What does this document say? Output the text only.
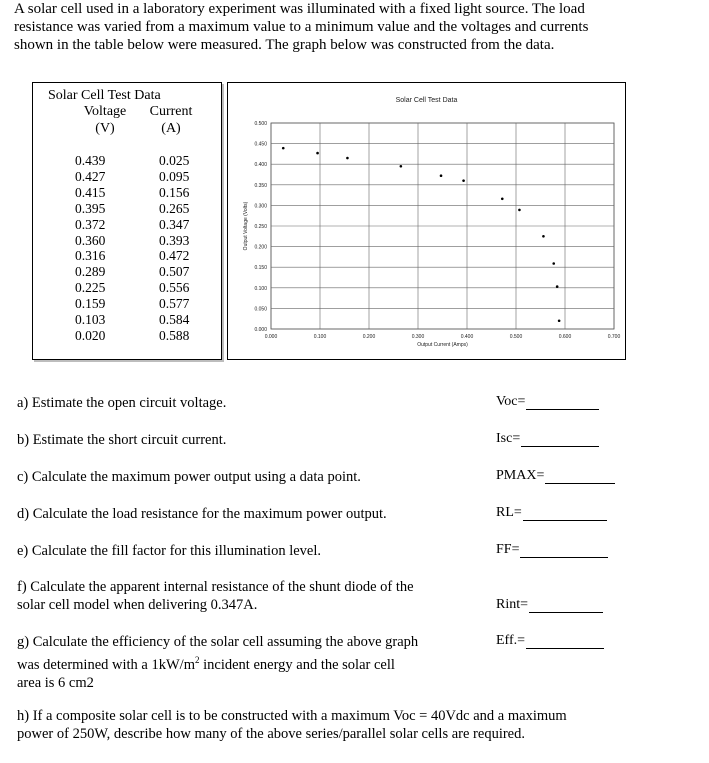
A solar cell used in a laboratory experiment was illuminated with a fixed light source. The load
resistance was varied from a maximum value to a minimum value and the voltages and currents
shown in the table below were measured. The graph below was constructed from the data.
Solar Cell Test Data
Voltage
(V)
Current
(A)
0.439	0.025
0.427	0.095
0.415	0.156
0.395	0.265
0.372	0.347
0.360	0.393
0.316	0.472
0.289	0.507
0.225	0.556
0.159	0.577
0.103	0.584
0.020	0.588
Solar Cell Test Data
0.000
0.050
0.100
0.150
0.200
0.250
0.300
0.350
0.400
0.450
0.500
0.000	0.100	0.200	0.300	0.400	0.500	0.600	0.700
Output Current (Amps)
Output Voltage (Volts)
a) Estimate the open circuit voltage.
b) Estimate the short circuit current.
c) Calculate the maximum power output using a data point.
d) Calculate the load resistance for the maximum power output.
e) Calculate the fill factor for this illumination level.
f) Calculate the apparent internal resistance of the shunt diode of the
solar cell model when delivering 0.347A.
g) Calculate the efficiency of the solar cell assuming the above graph
was determined with a $1kW/m^2$ incident energy and the solar cell
area is 6 cm2
h) If a composite solar cell is to be constructed with a maximum Voc = 40Vdc and a maximum
power of 250W, describe how many of the above series/parallel solar cells are required.
Voc=
Isc=
PMAX=
RL=
FF=
Rint=
Eff.=
